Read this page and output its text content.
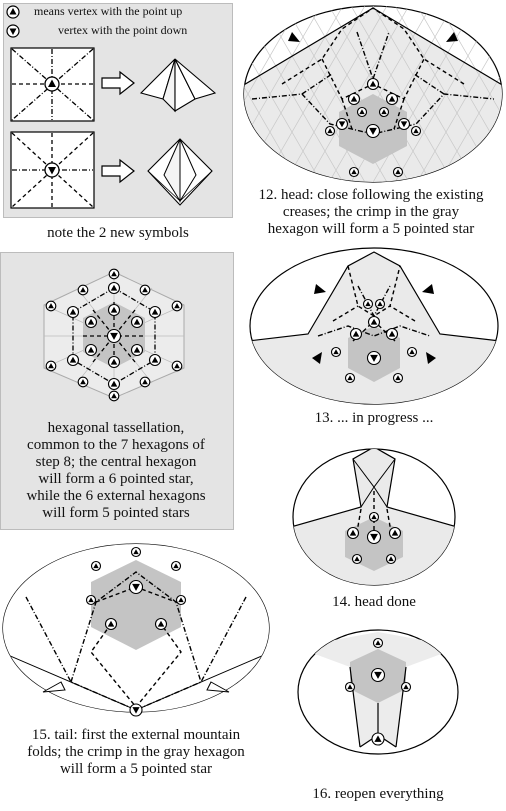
means vertex with the point up
vertex with the point down
note the 2 new symbols
hexagonal tassellation,
common to the 7 hexagons of
step 8; the central hexagon
will form a 6 pointed star,
while the 6 external hexagons
will form 5 pointed stars
12. head: close following the existing
creases; the crimp in the gray
hexagon will form a 5 pointed star
13. ... in progress ...
14. head done
15. tail: first the external mountain
folds; the crimp in the gray hexagon
will form a 5 pointed star
16. reopen everything
